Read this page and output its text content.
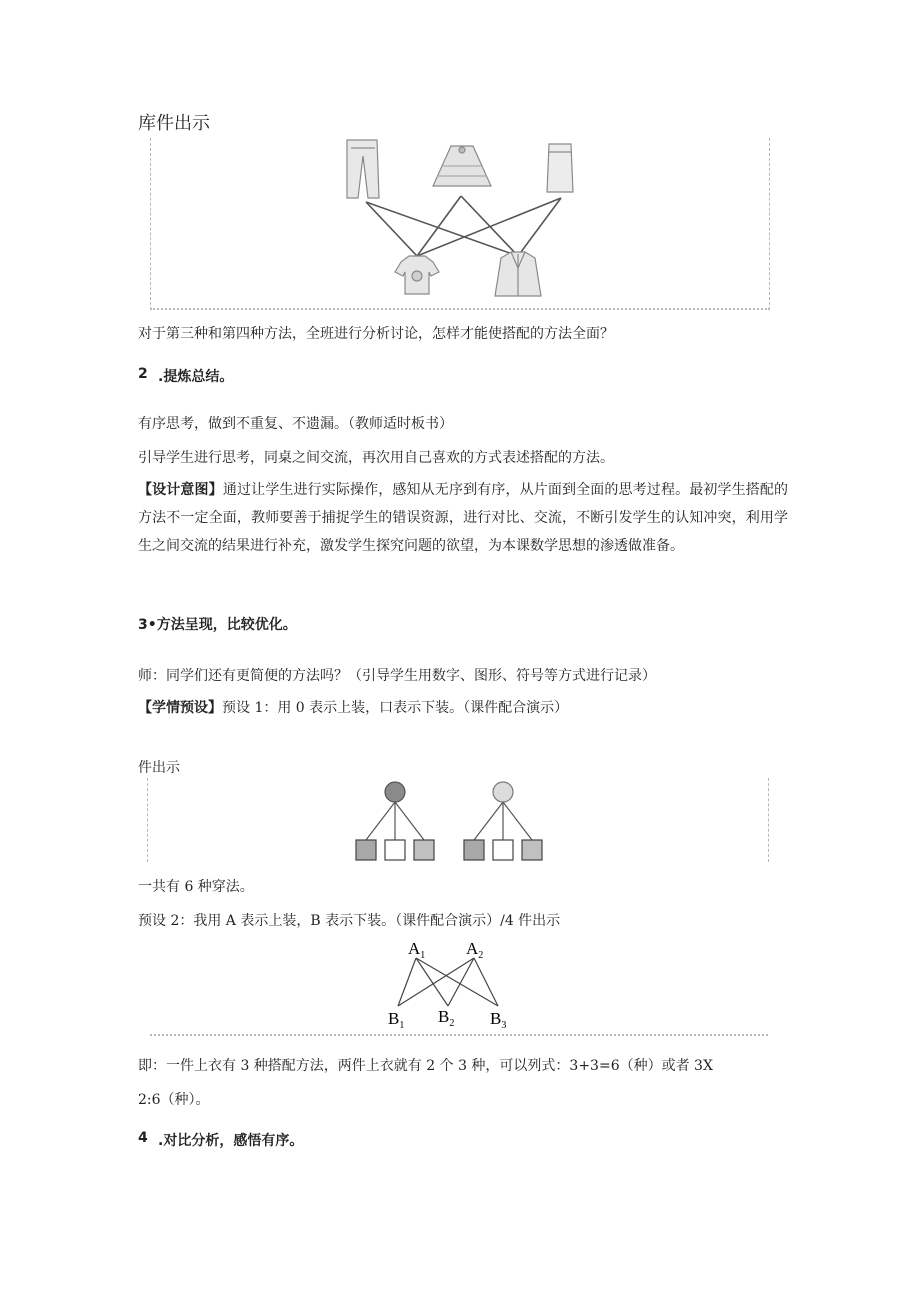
库件出示
对于第三种和第四种方法，全班进行分析讨论，怎样才能使搭配的方法全面？
2 .提炼总结。
有序思考，做到不重复、不遗漏。（教师适时板书）
引导学生进行思考，同桌之间交流，再次用自己喜欢的方式表述搭配的方法。
【设计意图】通过让学生进行实际操作，感知从无序到有序，从片面到全面的思考过程。最初学生搭配的方法不一定全面，教师要善于捕捉学生的错误资源，进行对比、交流，不断引发学生的认知冲突，利用学生之间交流的结果进行补充，激发学生探究问题的欲望，为本课数学思想的渗透做准备。
3•方法呈现，比较优化。
师：同学们还有更简便的方法吗？（引导学生用数字、图形、符号等方式进行记录）
【学情预设】预设 1：用 0 表示上装，口表示下装。（课件配合演示）
件出示
一共有 6 种穿法。
预设 2：我用 A 表示上装，B 表示下装。（课件配合演示）/4 件出示
$A_1$ $A_2$
$B_1$ $B_2$ $B_3$
即：一件上衣有 3 种搭配方法，两件上衣就有 2 个 3 种，可以列式：3+3=6（种）或者 3X
2:6（种）。
4 .对比分析，感悟有序。
